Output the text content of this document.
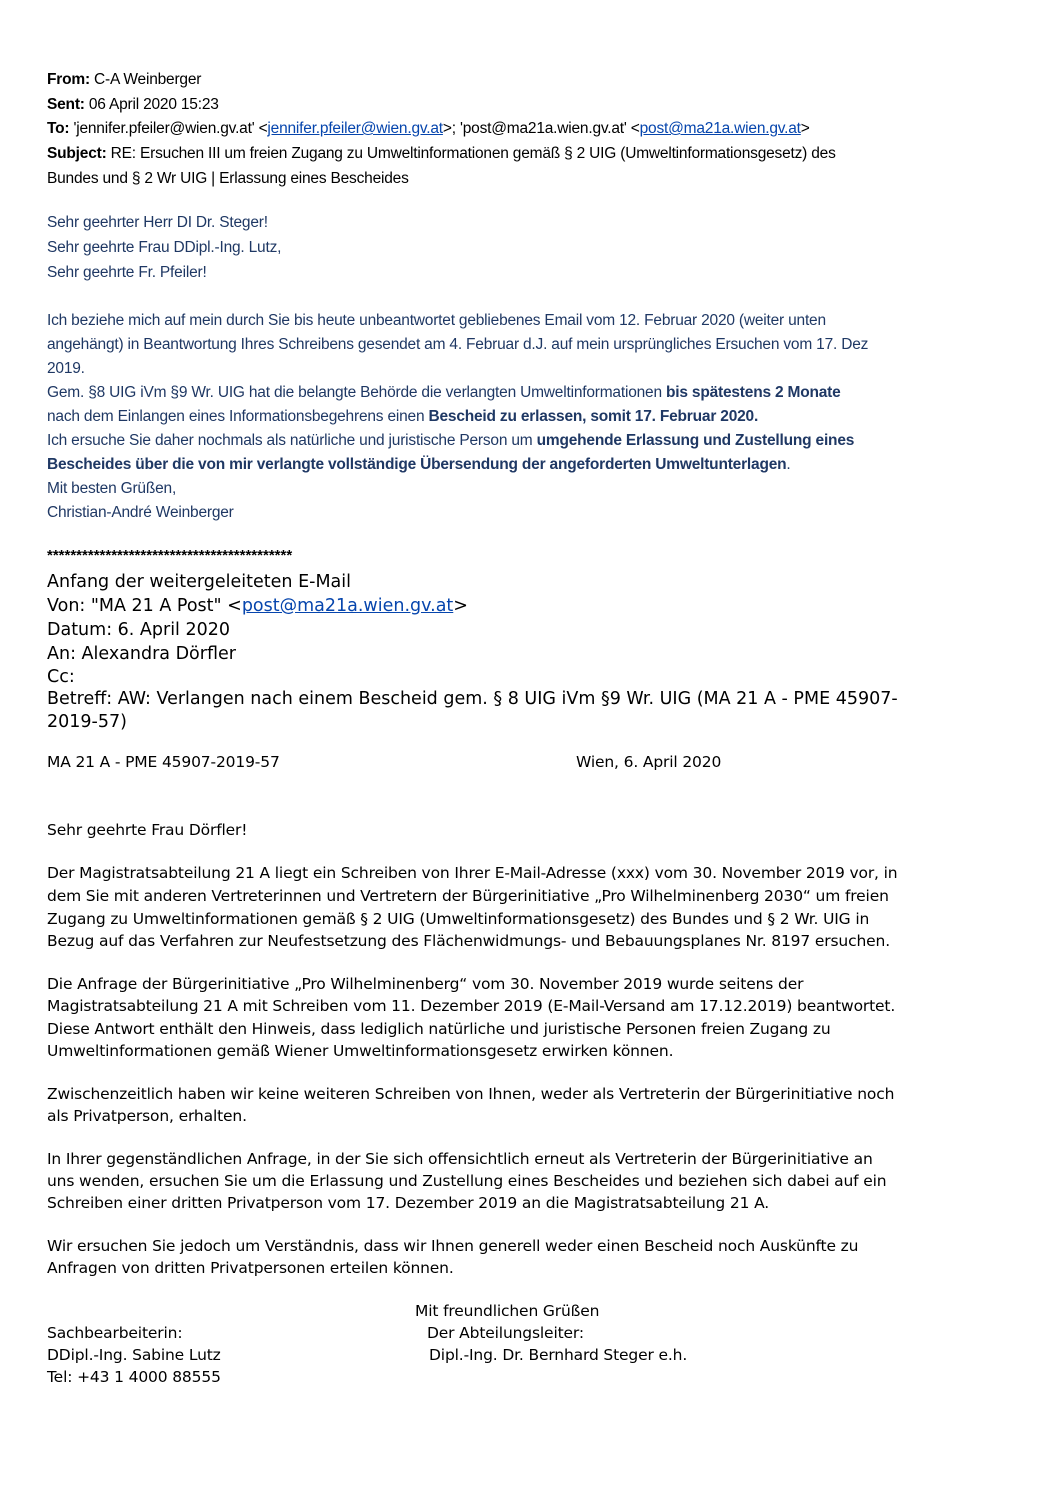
From: C-A Weinberger
Sent: 06 April 2020 15:23
To: 'jennifer.pfeiler@wien.gv.at' <jennifer.pfeiler@wien.gv.at>; 'post@ma21a.wien.gv.at' <post@ma21a.wien.gv.at>
Subject: RE: Ersuchen III um freien Zugang zu Umweltinformationen gemäß § 2 UIG (Umweltinformationsgesetz) des
Bundes und § 2 Wr UIG | Erlassung eines Bescheides
Sehr geehrter Herr DI Dr. Steger!
Sehr geehrte Frau DDipl.-Ing. Lutz,
Sehr geehrte Fr. Pfeiler!
Ich beziehe mich auf mein durch Sie bis heute unbeantwortet gebliebenes Email vom 12. Februar 2020 (weiter unten
angehängt) in Beantwortung Ihres Schreibens gesendet am 4. Februar d.J. auf mein ursprüngliches Ersuchen vom 17. Dez
2019.
Gem. §8 UIG iVm §9 Wr. UIG hat die belangte Behörde die verlangten Umweltinformationen bis spätestens 2 Monate
nach dem Einlangen eines Informationsbegehrens einen Bescheid zu erlassen, somit 17. Februar 2020.
Ich ersuche Sie daher nochmals als natürliche und juristische Person um umgehende Erlassung und Zustellung eines
Bescheides über die von mir verlangte vollständige Übersendung der angeforderten Umweltunterlagen.
Mit besten Grüßen,
Christian-André Weinberger
******************************************
Anfang der weitergeleiteten E-Mail
Von: "MA 21 A Post" <post@ma21a.wien.gv.at>
Datum: 6. April 2020
An: Alexandra Dörfler
Cc:
Betreff: AW: Verlangen nach einem Bescheid gem. § 8 UIG iVm §9 Wr. UIG (MA 21 A - PME 45907-
2019-57)
MA 21 A - PME 45907-2019-57	Wien, 6. April 2020
Sehr geehrte Frau Dörfler!
Der Magistratsabteilung 21 A liegt ein Schreiben von Ihrer E-Mail-Adresse (xxx) vom 30. November 2019 vor, in
dem Sie mit anderen Vertreterinnen und Vertretern der Bürgerinitiative „Pro Wilhelminenberg 2030“ um freien
Zugang zu Umweltinformationen gemäß § 2 UIG (Umweltinformationsgesetz) des Bundes und § 2 Wr. UIG in
Bezug auf das Verfahren zur Neufestsetzung des Flächenwidmungs- und Bebauungsplanes Nr. 8197 ersuchen.
Die Anfrage der Bürgerinitiative „Pro Wilhelminenberg“ vom 30. November 2019 wurde seitens der
Magistratsabteilung 21 A mit Schreiben vom 11. Dezember 2019 (E-Mail-Versand am 17.12.2019) beantwortet.
Diese Antwort enthält den Hinweis, dass lediglich natürliche und juristische Personen freien Zugang zu
Umweltinformationen gemäß Wiener Umweltinformationsgesetz erwirken können.
Zwischenzeitlich haben wir keine weiteren Schreiben von Ihnen, weder als Vertreterin der Bürgerinitiative noch
als Privatperson, erhalten.
In Ihrer gegenständlichen Anfrage, in der Sie sich offensichtlich erneut als Vertreterin der Bürgerinitiative an
uns wenden, ersuchen Sie um die Erlassung und Zustellung eines Bescheides und beziehen sich dabei auf ein
Schreiben einer dritten Privatperson vom 17. Dezember 2019 an die Magistratsabteilung 21 A.
Wir ersuchen Sie jedoch um Verständnis, dass wir Ihnen generell weder einen Bescheid noch Auskünfte zu
Anfragen von dritten Privatpersonen erteilen können.
Mit freundlichen Grüßen
Sachbearbeiterin:	Der Abteilungsleiter:
DDipl.-Ing. Sabine Lutz	Dipl.-Ing. Dr. Bernhard Steger e.h.
Tel: +43 1 4000 88555
